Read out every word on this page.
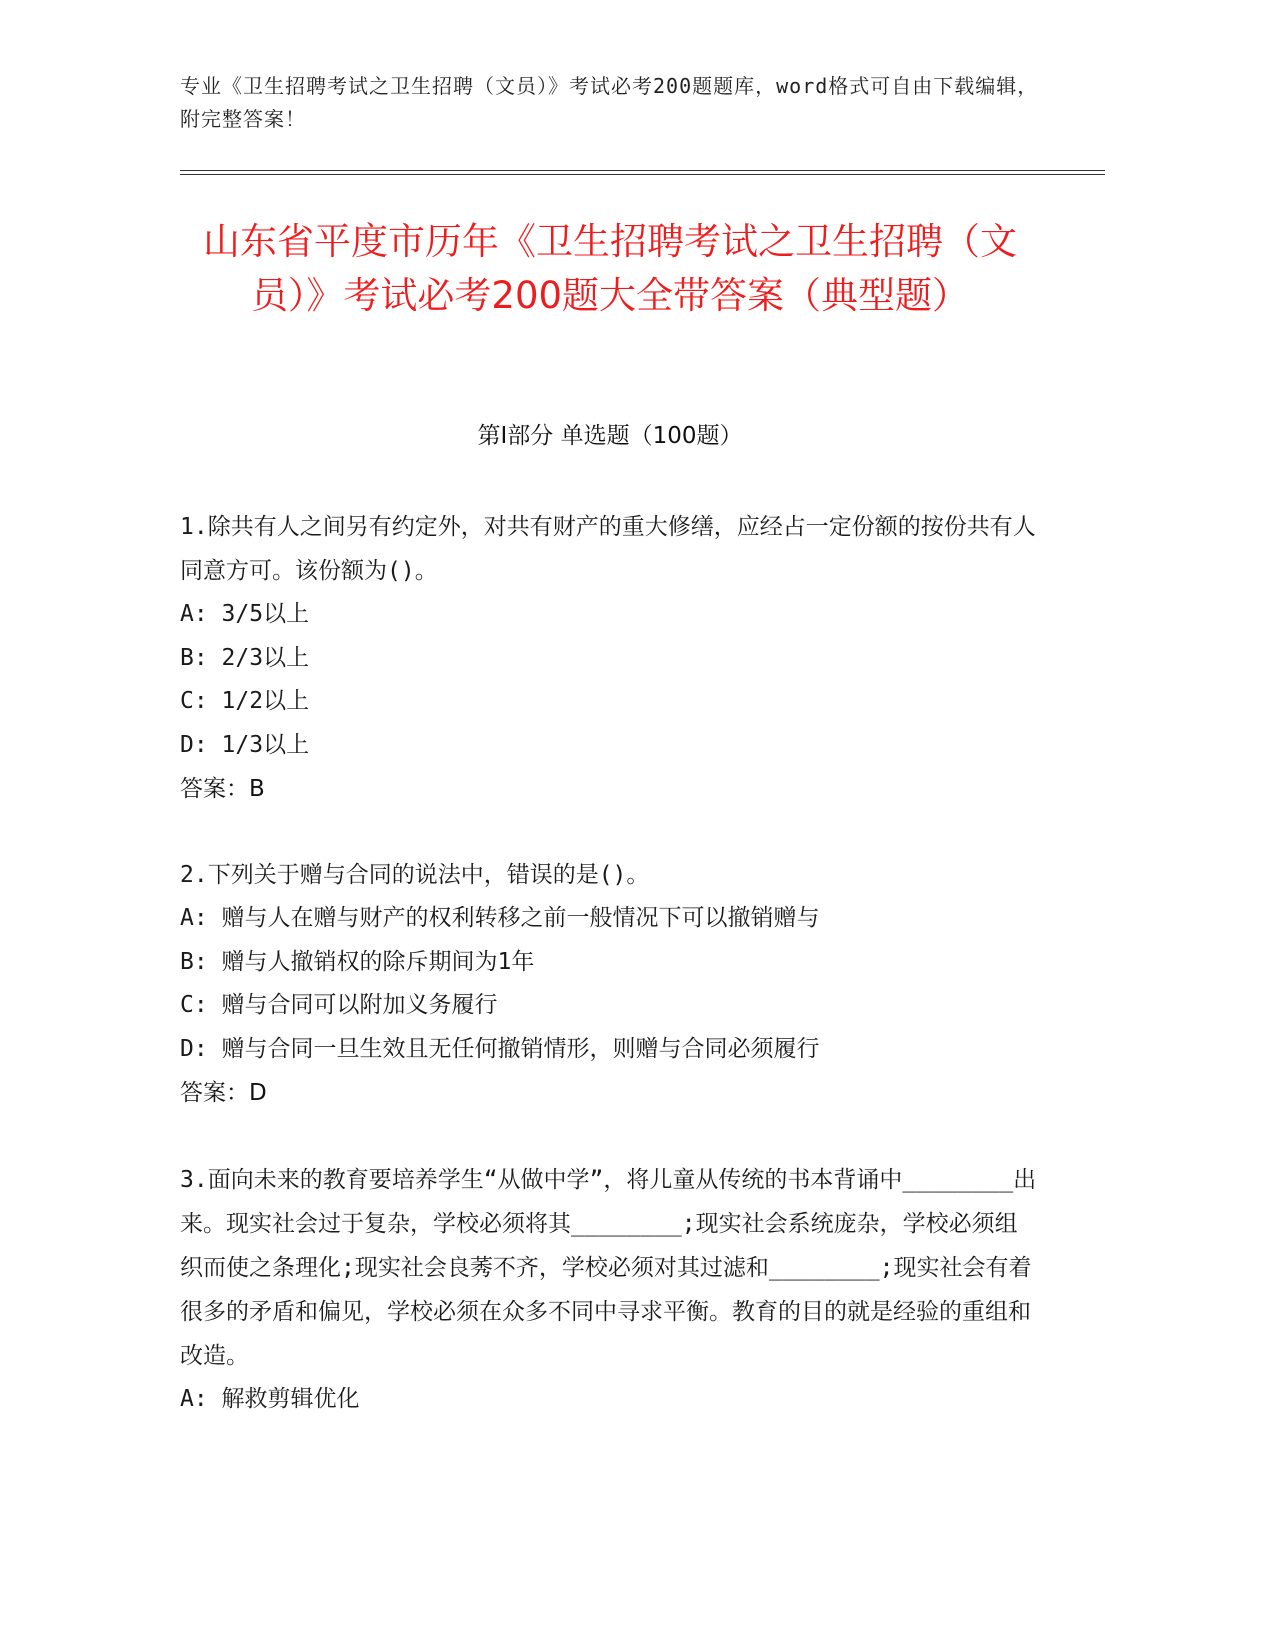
专业《卫生招聘考试之卫生招聘（文员）》考试必考200题题库，word格式可自由下载编辑，附完整答案！
山东省平度市历年《卫生招聘考试之卫生招聘（文员）》考试必考200题大全带答案（典型题）
第I部分 单选题（100题）

1.除共有人之间另有约定外，对共有财产的重大修缮，应经占一定份额的按份共有人同意方可。该份额为()。

A: 3/5以上

B: 2/3以上

C: 1/2以上

D: 1/3以上

答案：B

2.下列关于赠与合同的说法中，错误的是()。

A: 赠与人在赠与财产的权利转移之前一般情况下可以撤销赠与

B: 赠与人撤销权的除斥期间为1年

C: 赠与合同可以附加义务履行

D: 赠与合同一旦生效且无任何撤销情形，则赠与合同必须履行

答案：D

3.面向未来的教育要培养学生“从做中学”，将儿童从传统的书本背诵中________出来。现实社会过于复杂，学校必须将其________;现实社会系统庞杂，学校必须组织而使之条理化;现实社会良莠不齐，学校必须对其过滤和________;现实社会有着很多的矛盾和偏见，学校必须在众多不同中寻求平衡。教育的目的就是经验的重组和改造。

A: 解救剪辑优化
